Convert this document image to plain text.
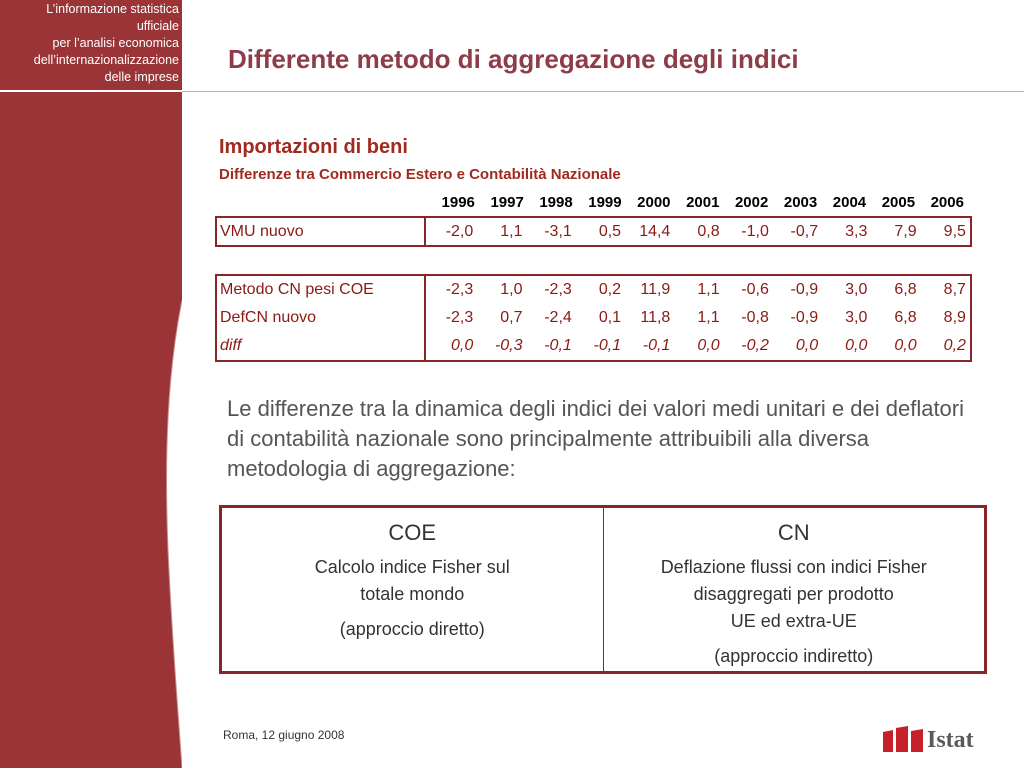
L’informazione statistica
ufficiale
per l’analisi economica
dell’internazionalizzazione
delle imprese
Differente metodo di aggregazione degli indici
Importazioni di beni
Differenze tra Commercio Estero e Contabilità Nazionale
1996	1997	1998	1999	2000	2001	2002	2003	2004	2005	2006
VMU nuovo	-2,0	1,1	-3,1	0,5	14,4	0,8	-1,0	-0,7	3,3	7,9	9,5
Metodo CN pesi COE	-2,3	1,0	-2,3	0,2	11,9	1,1	-0,6	-0,9	3,0	6,8	8,7
DefCN nuovo	-2,3	0,7	-2,4	0,1	11,8	1,1	-0,8	-0,9	3,0	6,8	8,9
diff	0,0	-0,3	-0,1	-0,1	-0,1	0,0	-0,2	0,0	0,0	0,0	0,2

Le differenze tra la dinamica degli indici dei valori medi unitari e dei deflatori di contabilità nazionale sono principalmente attribuibili alla diversa metodologia di aggregazione:

COE
Calcolo indice Fisher sul
totale mondo
(approccio diretto)
CN
Deflazione flussi con indici Fisher
disaggregati per prodotto
UE ed extra-UE
(approccio indiretto)
Roma, 12 giugno 2008	Istat
